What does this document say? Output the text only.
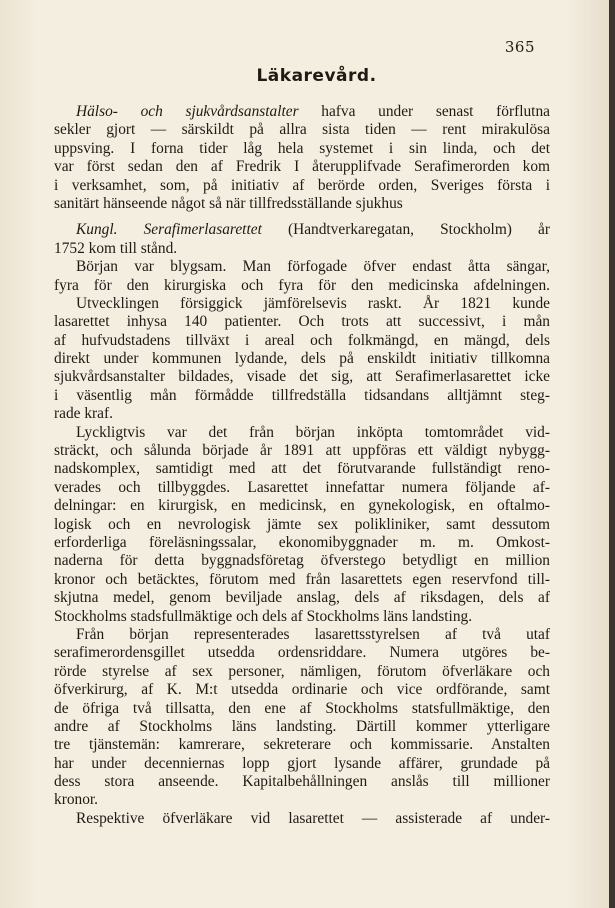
365
Läkarevård.
Hälso- och sjukvårdsanstalter hafva under senast förflutna
sekler gjort — särskildt på allra sista tiden — rent mirakulösa
uppsving. I forna tider låg hela systemet i sin linda, och det
var först sedan den af Fredrik I återupplifvade Serafimerorden kom
i verksamhet, som, på initiativ af berörde orden, Sveriges första i
sanitärt hänseende något så när tillfredsställande sjukhus
Kungl. Serafimerlasarettet (Handtverkaregatan, Stockholm) år
1752 kom till stånd.
Början var blygsam. Man förfogade öfver endast åtta sängar,
fyra för den kirurgiska och fyra för den medicinska afdelningen.
Utvecklingen försiggick jämförelsevis raskt. År 1821 kunde
lasarettet inhysa 140 patienter. Och trots att successivt, i mån
af hufvudstadens tillväxt i areal och folkmängd, en mängd, dels
direkt under kommunen lydande, dels på enskildt initiativ tillkomna
sjukvårdsanstalter bildades, visade det sig, att Serafimerlasarettet icke
i väsentlig mån förmådde tillfredställa tidsandans alltjämnt steg-
rade kraf.
Lyckligtvis var det från början inköpta tomtområdet vid-
sträckt, och sålunda började år 1891 att uppföras ett väldigt nybygg-
nadskomplex, samtidigt med att det förutvarande fullständigt reno-
verades och tillbyggdes. Lasarettet innefattar numera följande af-
delningar: en kirurgisk, en medicinsk, en gynekologisk, en oftalmo-
logisk och en nevrologisk jämte sex polikliniker, samt dessutom
erforderliga föreläsningssalar, ekonomibyggnader m. m. Omkost-
naderna för detta byggnadsföretag öfverstego betydligt en million
kronor och betäcktes, förutom med från lasarettets egen reservfond till-
skjutna medel, genom beviljade anslag, dels af riksdagen, dels af
Stockholms stadsfullmäktige och dels af Stockholms läns landsting.
Från början representerades lasarettsstyrelsen af två utaf
serafimerordensgillet utsedda ordensriddare. Numera utgöres be-
rörde styrelse af sex personer, nämligen, förutom öfverläkare och
öfverkirurg, af K. M:t utsedda ordinarie och vice ordförande, samt
de öfriga två tillsatta, den ene af Stockholms statsfullmäktige, den
andre af Stockholms läns landsting. Därtill kommer ytterligare
tre tjänstemän: kamrerare, sekreterare och kommissarie. Anstalten
har under decenniernas lopp gjort lysande affärer, grundade på
dess stora anseende. Kapitalbehållningen anslås till millioner
kronor.
Respektive öfverläkare vid lasarettet — assisterade af under-
